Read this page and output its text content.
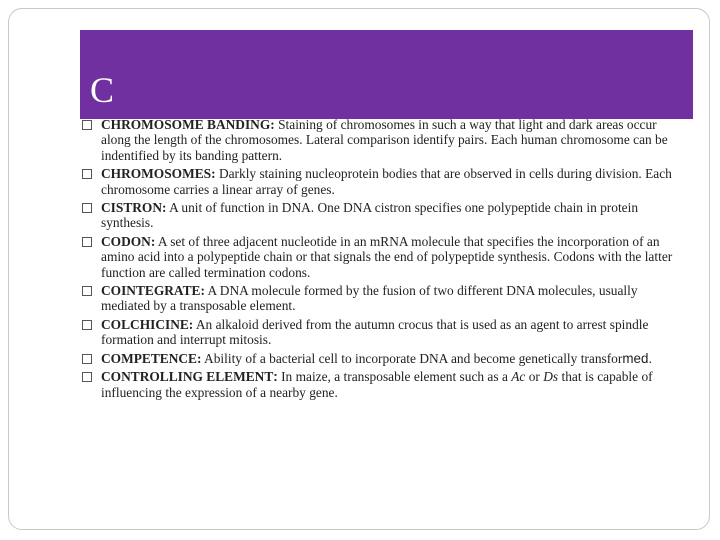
C
CHROMOSOME BANDING: Staining of chromosomes in such a way that light and dark areas occur along the length of the chromosomes. Lateral comparison identify pairs. Each human chromosome can be indentified by its banding pattern.
CHROMOSOMES: Darkly staining nucleoprotein bodies that are observed in cells during division. Each chromosome carries a linear array of genes.
CISTRON: A unit of function in DNA. One DNA cistron specifies one polypeptide chain in protein synthesis.
CODON: A set of three adjacent nucleotide in an mRNA molecule that specifies the incorporation of an amino acid into a polypeptide chain or that signals the end of polypeptide synthesis. Codons with the latter function are called termination codons.
COINTEGRATE: A DNA molecule formed by the fusion of two different DNA molecules, usually mediated by a transposable element.
COLCHICINE: An alkaloid derived from the autumn crocus that is used as an agent to arrest spindle formation and interrupt mitosis.
COMPETENCE: Ability of a bacterial cell to incorporate DNA and become genetically transformed.
CONTROLLING ELEMENT: In maize, a transposable element such as a Ac or Ds that is capable of influencing the expression of a nearby gene.
